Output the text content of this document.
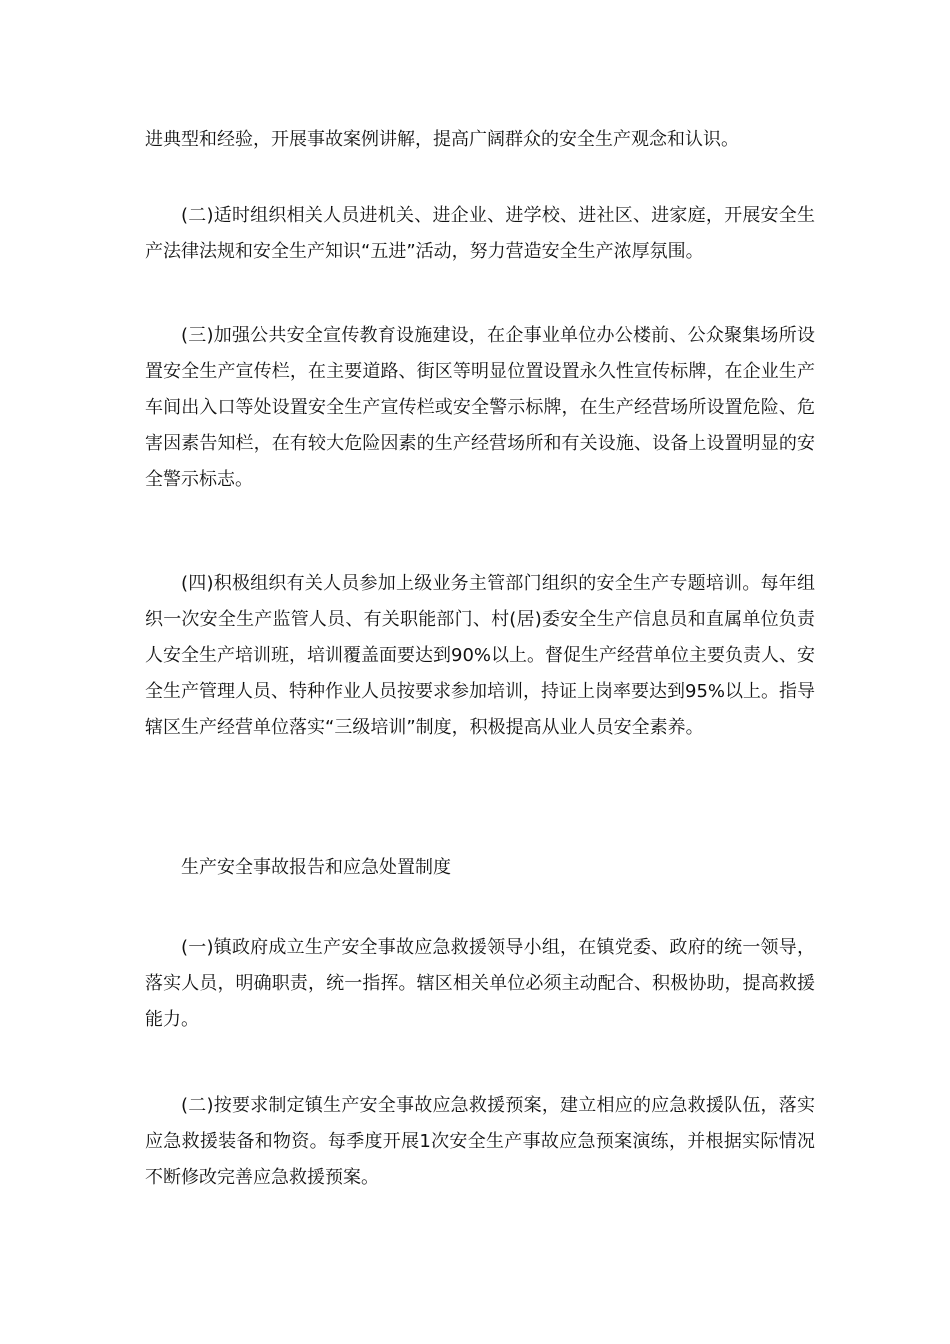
进典型和经验，开展事故案例讲解，提高广阔群众的安全生产观念和认识。

(二)适时组织相关人员进机关、进企业、进学校、进社区、进家庭，开展安全生产法律法规和安全生产知识“五进”活动，努力营造安全生产浓厚氛围。

(三)加强公共安全宣传教育设施建设，在企事业单位办公楼前、公众聚集场所设置安全生产宣传栏，在主要道路、街区等明显位置设置永久性宣传标牌，在企业生产车间出入口等处设置安全生产宣传栏或安全警示标牌，在生产经营场所设置危险、危害因素告知栏，在有较大危险因素的生产经营场所和有关设施、设备上设置明显的安全警示标志。

(四)积极组织有关人员参加上级业务主管部门组织的安全生产专题培训。每年组织一次安全生产监管人员、有关职能部门、村(居)委安全生产信息员和直属单位负责人安全生产培训班，培训覆盖面要达到90%以上。督促生产经营单位主要负责人、安全生产管理人员、特种作业人员按要求参加培训，持证上岗率要达到95%以上。指导辖区生产经营单位落实“三级培训”制度，积极提高从业人员安全素养。

生产安全事故报告和应急处置制度

(一)镇政府成立生产安全事故应急救援领导小组，在镇党委、政府的统一领导，落实人员，明确职责，统一指挥。辖区相关单位必须主动配合、积极协助，提高救援能力。

(二)按要求制定镇生产安全事故应急救援预案，建立相应的应急救援队伍，落实应急救援装备和物资。每季度开展1次安全生产事故应急预案演练，并根据实际情况不断修改完善应急救援预案。
